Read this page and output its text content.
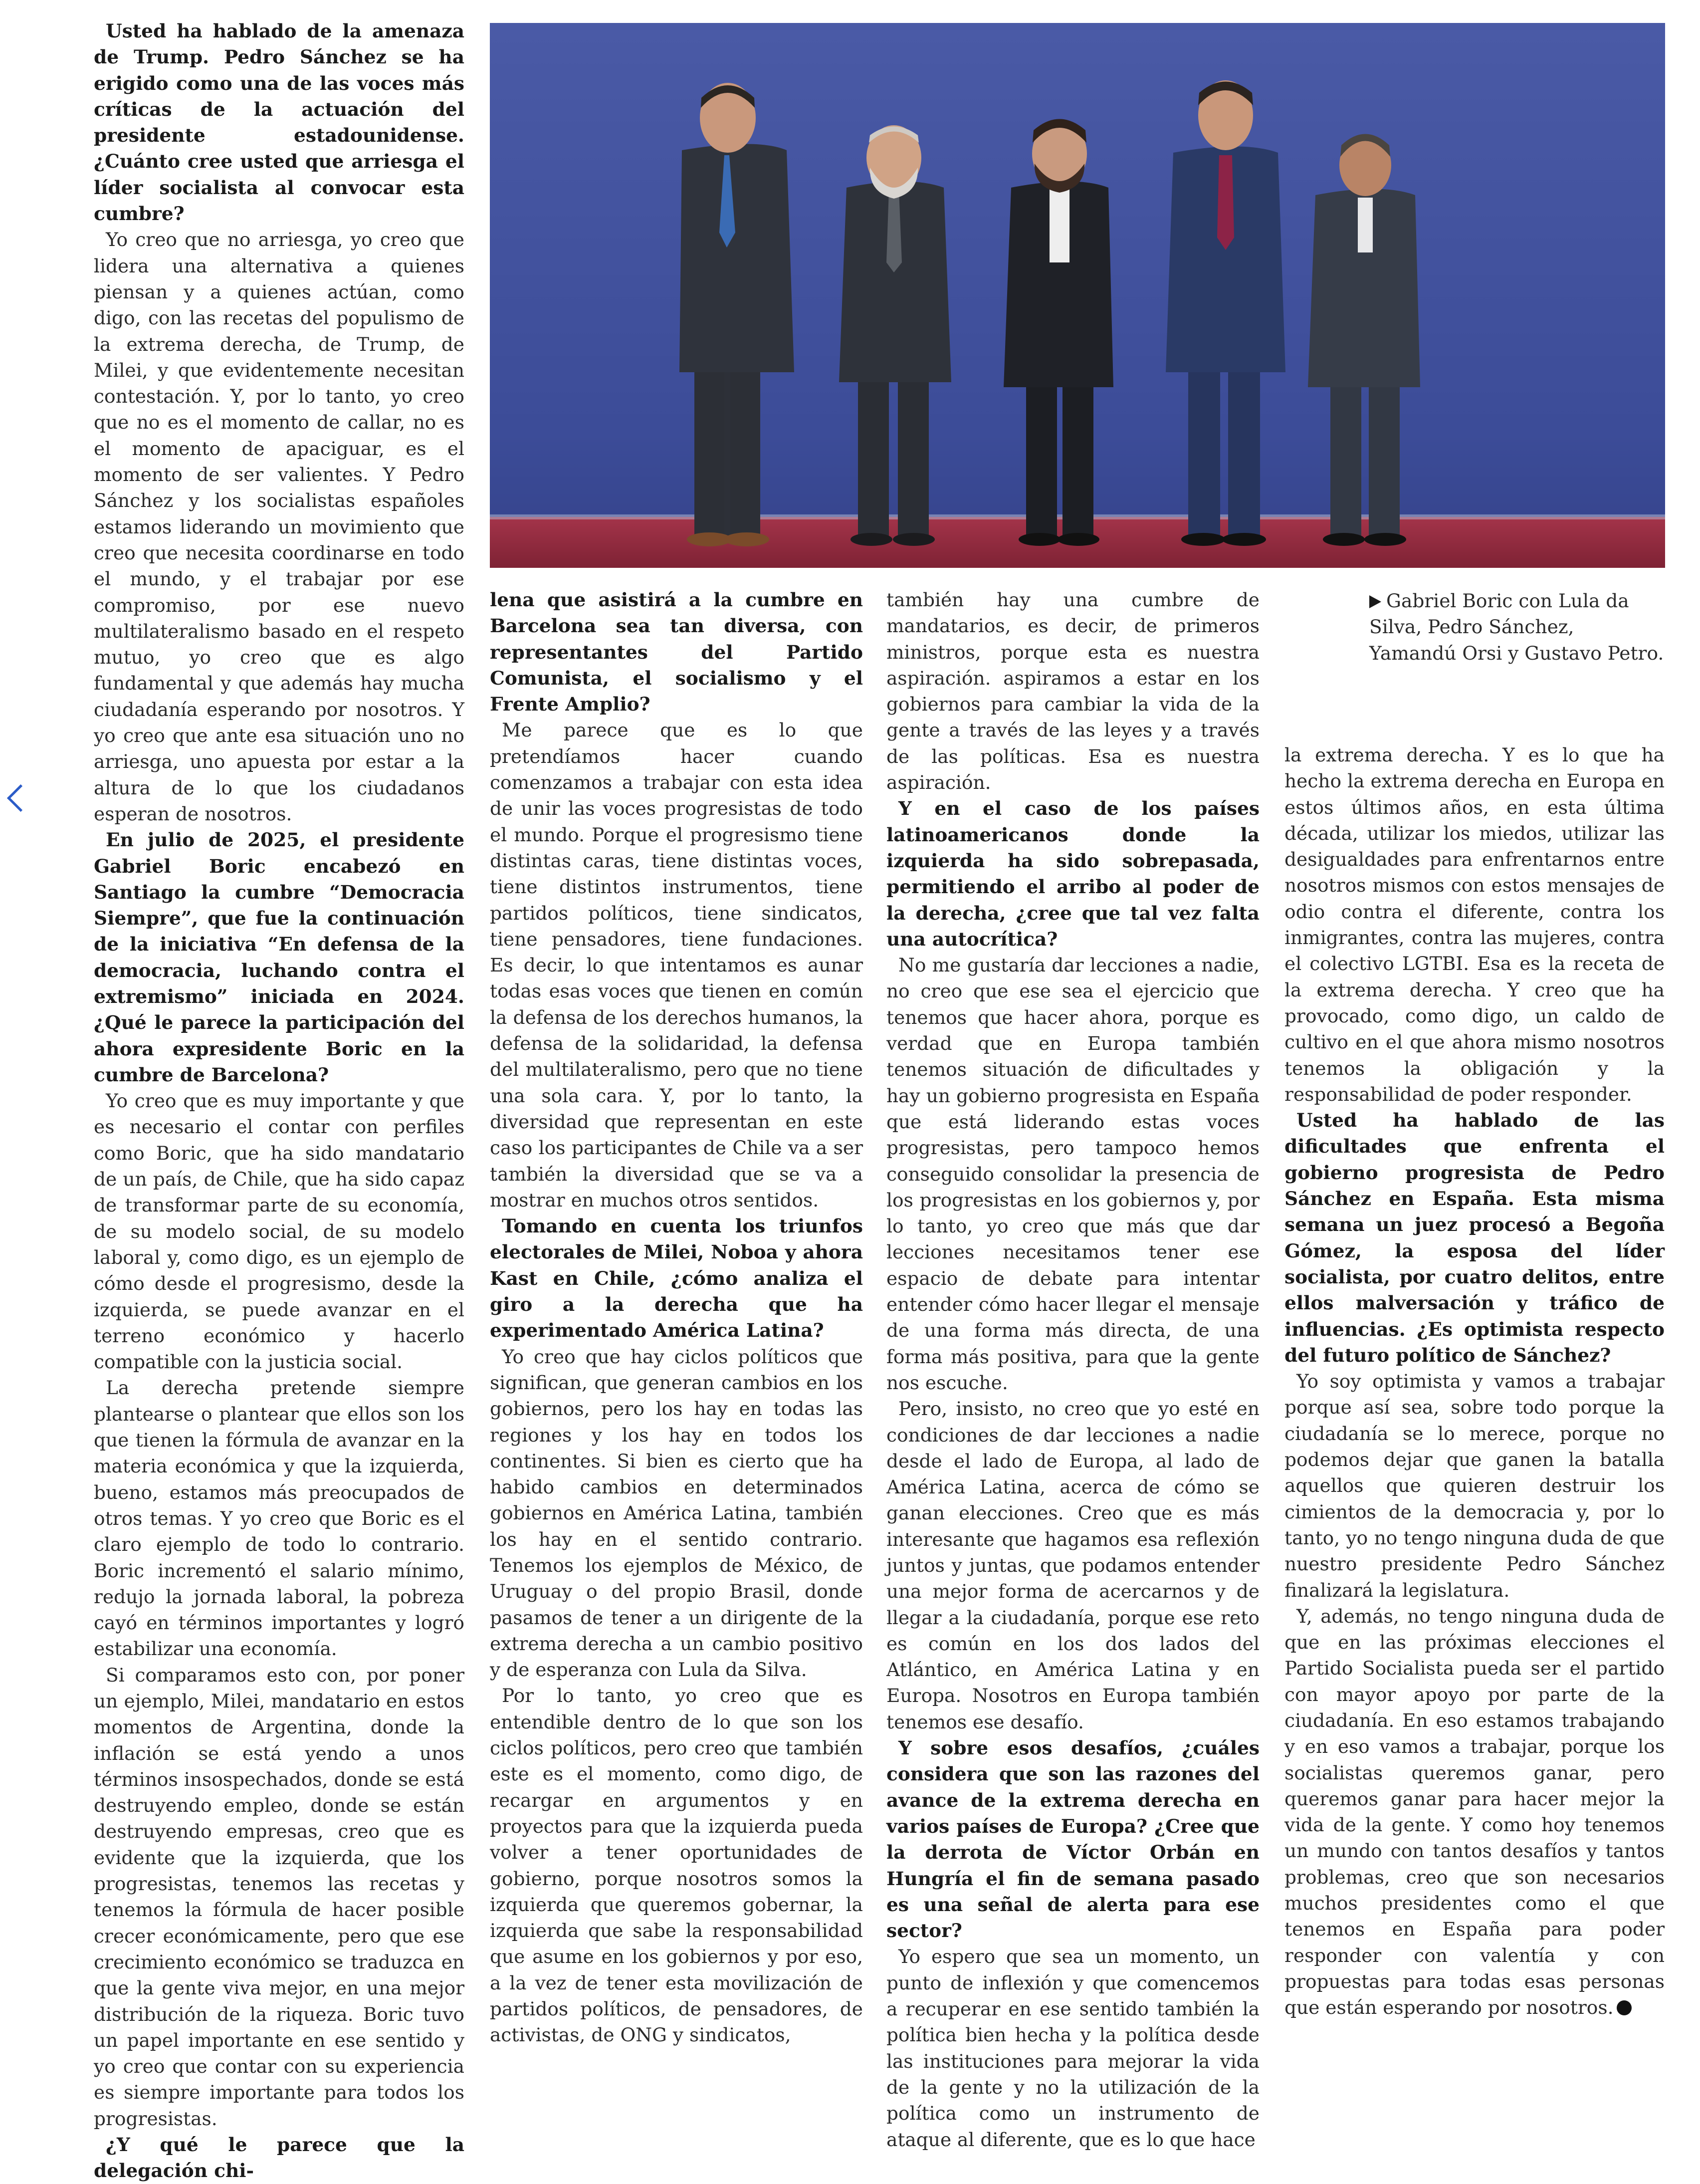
Gabriel Boric con Lula da Silva, Pedro Sánchez, Yamandú Orsi y Gustavo Petro.

Usted ha hablado de la amenaza de Trump. Pedro Sánchez se ha erigido como una de las voces más críticas de la actuación del presidente estadounidense. ¿Cuánto cree usted que arriesga el líder socialista al convocar esta cumbre?

Yo creo que no arriesga, yo creo que lidera una alternativa a quienes piensan y a quienes actúan, como digo, con las recetas del populismo de la extrema derecha, de Trump, de Milei, y que evidentemente necesitan contestación. Y, por lo tanto, yo creo que no es el momento de callar, no es el momento de apaciguar, es el momento de ser valientes. Y Pedro Sánchez y los socialistas españoles estamos liderando un movimiento que creo que necesita coordinarse en todo el mundo, y el trabajar por ese compromiso, por ese nuevo multilateralismo basado en el respeto mutuo, yo creo que es algo fundamental y que además hay mucha ciudadanía esperando por nosotros. Y yo creo que ante esa situación uno no arriesga, uno apuesta por estar a la altura de lo que los ciudadanos esperan de nosotros.

En julio de 2025, el presidente Gabriel Boric encabezó en Santiago la cumbre “Democracia Siempre”, que fue la continuación de la iniciativa “En defensa de la democracia, luchando contra el extremismo” iniciada en 2024. ¿Qué le parece la participación del ahora expresidente Boric en la cumbre de Barcelona?

Yo creo que es muy importante y que es necesario el contar con perfiles como Boric, que ha sido mandatario de un país, de Chile, que ha sido capaz de transformar parte de su economía, de su modelo social, de su modelo laboral y, como digo, es un ejemplo de cómo desde el progresismo, desde la izquierda, se puede avanzar en el terreno económico y hacerlo compatible con la justicia social.

La derecha pretende siempre plantearse o plantear que ellos son los que tienen la fórmula de avanzar en la materia económica y que la izquierda, bueno, estamos más preocupados de otros temas. Y yo creo que Boric es el claro ejemplo de todo lo contrario. Boric incrementó el salario mínimo, redujo la jornada laboral, la pobreza cayó en términos importantes y logró estabilizar una economía.

Si comparamos esto con, por poner un ejemplo, Milei, mandatario en estos momentos de Argentina, donde la inflación se está yendo a unos términos insospechados, donde se está destruyendo empleo, donde se están destruyendo empresas, creo que es evidente que la izquierda, que los progresistas, tenemos las recetas y tenemos la fórmula de hacer posible crecer económicamente, pero que ese crecimiento económico se traduzca en que la gente viva mejor, en una mejor distribución de la riqueza. Boric tuvo un papel importante en ese sentido y yo creo que contar con su experiencia es siempre importante para todos los progresistas.

¿Y qué le parece que la delegación chi-

lena que asistirá a la cumbre en Barcelona sea tan diversa, con representantes del Partido Comunista, el socialismo y el Frente Amplio?

Me parece que es lo que pretendíamos hacer cuando comenzamos a trabajar con esta idea de unir las voces progresistas de todo el mundo. Porque el progresismo tiene distintas caras, tiene distintas voces, tiene distintos instrumentos, tiene partidos políticos, tiene sindicatos, tiene pensadores, tiene fundaciones. Es decir, lo que intentamos es aunar todas esas voces que tienen en común la defensa de los derechos humanos, la defensa de la solidaridad, la defensa del multilateralismo, pero que no tiene una sola cara. Y, por lo tanto, la diversidad que representan en este caso los participantes de Chile va a ser también la diversidad que se va a mostrar en muchos otros sentidos.

Tomando en cuenta los triunfos electorales de Milei, Noboa y ahora Kast en Chile, ¿cómo analiza el giro a la derecha que ha experimentado América Latina?

Yo creo que hay ciclos políticos que significan, que generan cambios en los gobiernos, pero los hay en todas las regiones y los hay en todos los continentes. Si bien es cierto que ha habido cambios en determinados gobiernos en América Latina, también los hay en el sentido contrario. Tenemos los ejemplos de México, de Uruguay o del propio Brasil, donde pasamos de tener a un dirigente de la extrema derecha a un cambio positivo y de esperanza con Lula da Silva.

Por lo tanto, yo creo que es entendible dentro de lo que son los ciclos políticos, pero creo que también este es el momento, como digo, de recargar en argumentos y en proyectos para que la izquierda pueda volver a tener oportunidades de gobierno, porque nosotros somos la izquierda que queremos gobernar, la izquierda que sabe la responsabilidad que asume en los gobiernos y por eso, a la vez de tener esta movilización de partidos políticos, de pensadores, de activistas, de ONG y sindicatos,

también hay una cumbre de mandatarios, es decir, de primeros ministros, porque esta es nuestra aspiración. aspiramos a estar en los gobiernos para cambiar la vida de la gente a través de las leyes y a través de las políticas. Esa es nuestra aspiración.

Y en el caso de los países latinoamericanos donde la izquierda ha sido sobrepasada, permitiendo el arribo al poder de la derecha, ¿cree que tal vez falta una autocrítica?

No me gustaría dar lecciones a nadie, no creo que ese sea el ejercicio que tenemos que hacer ahora, porque es verdad que en Europa también tenemos situación de dificultades y hay un gobierno progresista en España que está liderando estas voces progresistas, pero tampoco hemos conseguido consolidar la presencia de los progresistas en los gobiernos y, por lo tanto, yo creo que más que dar lecciones necesitamos tener ese espacio de debate para intentar entender cómo hacer llegar el mensaje de una forma más directa, de una forma más positiva, para que la gente nos escuche.

Pero, insisto, no creo que yo esté en condiciones de dar lecciones a nadie desde el lado de Europa, al lado de América Latina, acerca de cómo se ganan elecciones. Creo que es más interesante que hagamos esa reflexión juntos y juntas, que podamos entender una mejor forma de acercarnos y de llegar a la ciudadanía, porque ese reto es común en los dos lados del Atlántico, en América Latina y en Europa. Nosotros en Europa también tenemos ese desafío.

Y sobre esos desafíos, ¿cuáles considera que son las razones del avance de la extrema derecha en varios países de Europa? ¿Cree que la derrota de Víctor Orbán en Hungría el fin de semana pasado es una señal de alerta para ese sector?

Yo espero que sea un momento, un punto de inflexión y que comencemos a recuperar en ese sentido también la política bien hecha y la política desde las instituciones para mejorar la vida de la gente y no la utilización de la política como un instrumento de ataque al diferente, que es lo que hace

la extrema derecha. Y es lo que ha hecho la extrema derecha en Europa en estos últimos años, en esta última década, utilizar los miedos, utilizar las desigualdades para enfrentarnos entre nosotros mismos con estos mensajes de odio contra el diferente, contra los inmigrantes, contra las mujeres, contra el colectivo LGTBI. Esa es la receta de la extrema derecha. Y creo que ha provocado, como digo, un caldo de cultivo en el que ahora mismo nosotros tenemos la obligación y la responsabilidad de poder responder.

Usted ha hablado de las dificultades que enfrenta el gobierno progresista de Pedro Sánchez en España. Esta misma semana un juez procesó a Begoña Gómez, la esposa del líder socialista, por cuatro delitos, entre ellos malversación y tráfico de influencias. ¿Es optimista respecto del futuro político de Sánchez?

Yo soy optimista y vamos a trabajar porque así sea, sobre todo porque la ciudadanía se lo merece, porque no podemos dejar que ganen la batalla aquellos que quieren destruir los cimientos de la democracia y, por lo tanto, yo no tengo ninguna duda de que nuestro presidente Pedro Sánchez finalizará la legislatura.

Y, además, no tengo ninguna duda de que en las próximas elecciones el Partido Socialista pueda ser el partido con mayor apoyo por parte de la ciudadanía. En eso estamos trabajando y en eso vamos a trabajar, porque los socialistas queremos ganar, pero queremos ganar para hacer mejor la vida de la gente. Y como hoy tenemos un mundo con tantos desafíos y tantos problemas, creo que son necesarios muchos presidentes como el que tenemos en España para poder responder con valentía y con propuestas para todas esas personas que están esperando por nosotros.
